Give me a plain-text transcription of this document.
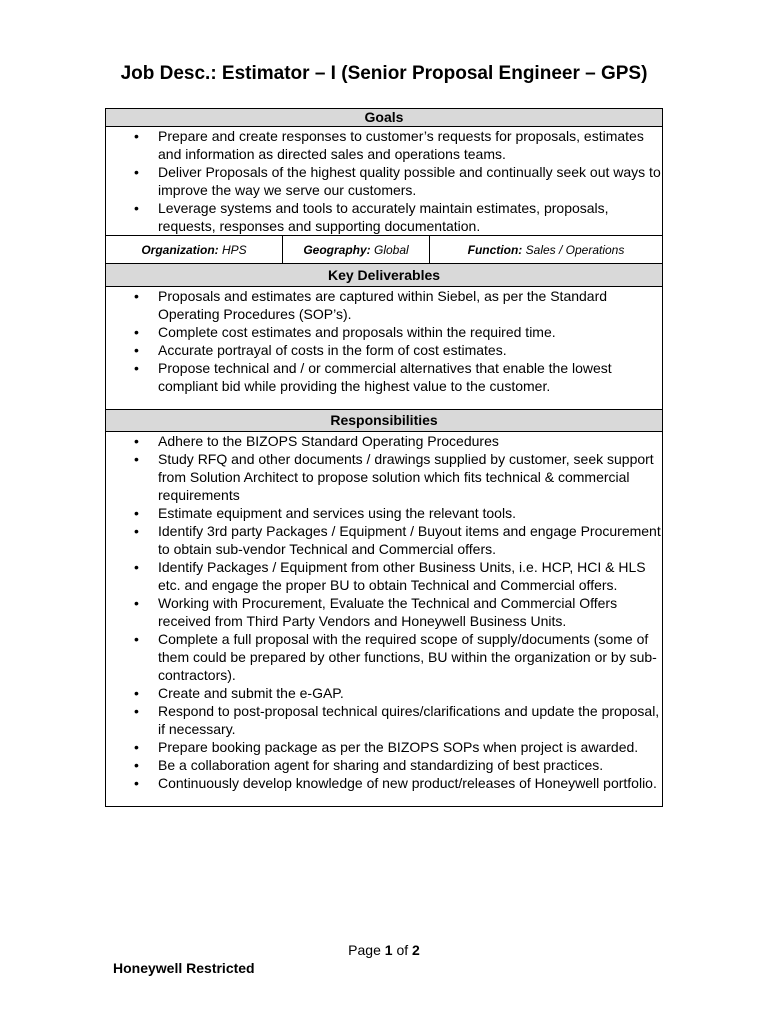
Job Desc.: Estimator – I (Senior Proposal Engineer – GPS)
Goals

• Prepare and create responses to customer’s requests for proposals, estimates and information as directed sales and operations teams.
• Deliver Proposals of the highest quality possible and continually seek out ways to improve the way we serve our customers.
• Leverage systems and tools to accurately maintain estimates, proposals, requests, responses and supporting documentation.

Organization: HPS	Geography: Global	Function: Sales / Operations
Key Deliverables

• Proposals and estimates are captured within Siebel, as per the Standard Operating Procedures (SOP’s).
• Complete cost estimates and proposals within the required time.
• Accurate portrayal of costs in the form of cost estimates.
• Propose technical and / or commercial alternatives that enable the lowest compliant bid while providing the highest value to the customer.

Responsibilities

• Adhere to the BIZOPS Standard Operating Procedures
• Study RFQ and other documents / drawings supplied by customer, seek support from Solution Architect to propose solution which fits technical & commercial requirements
• Estimate equipment and services using the relevant tools.
• Identify 3rd party Packages / Equipment / Buyout items and engage Procurement to obtain sub-vendor Technical and Commercial offers.
• Identify Packages / Equipment from other Business Units, i.e. HCP, HCI & HLS etc. and engage the proper BU to obtain Technical and Commercial offers.
• Working with Procurement, Evaluate the Technical and Commercial Offers received from Third Party Vendors and Honeywell Business Units.
• Complete a full proposal with the required scope of supply/documents (some of them could be prepared by other functions, BU within the organization or by sub-contractors).
• Create and submit the e-GAP.
• Respond to post-proposal technical quires/clarifications and update the proposal, if necessary.
• Prepare booking package as per the BIZOPS SOPs when project is awarded.
• Be a collaboration agent for sharing and standardizing of best practices.
• Continuously develop knowledge of new product/releases of Honeywell portfolio.
Page 1 of 2
Honeywell Restricted
